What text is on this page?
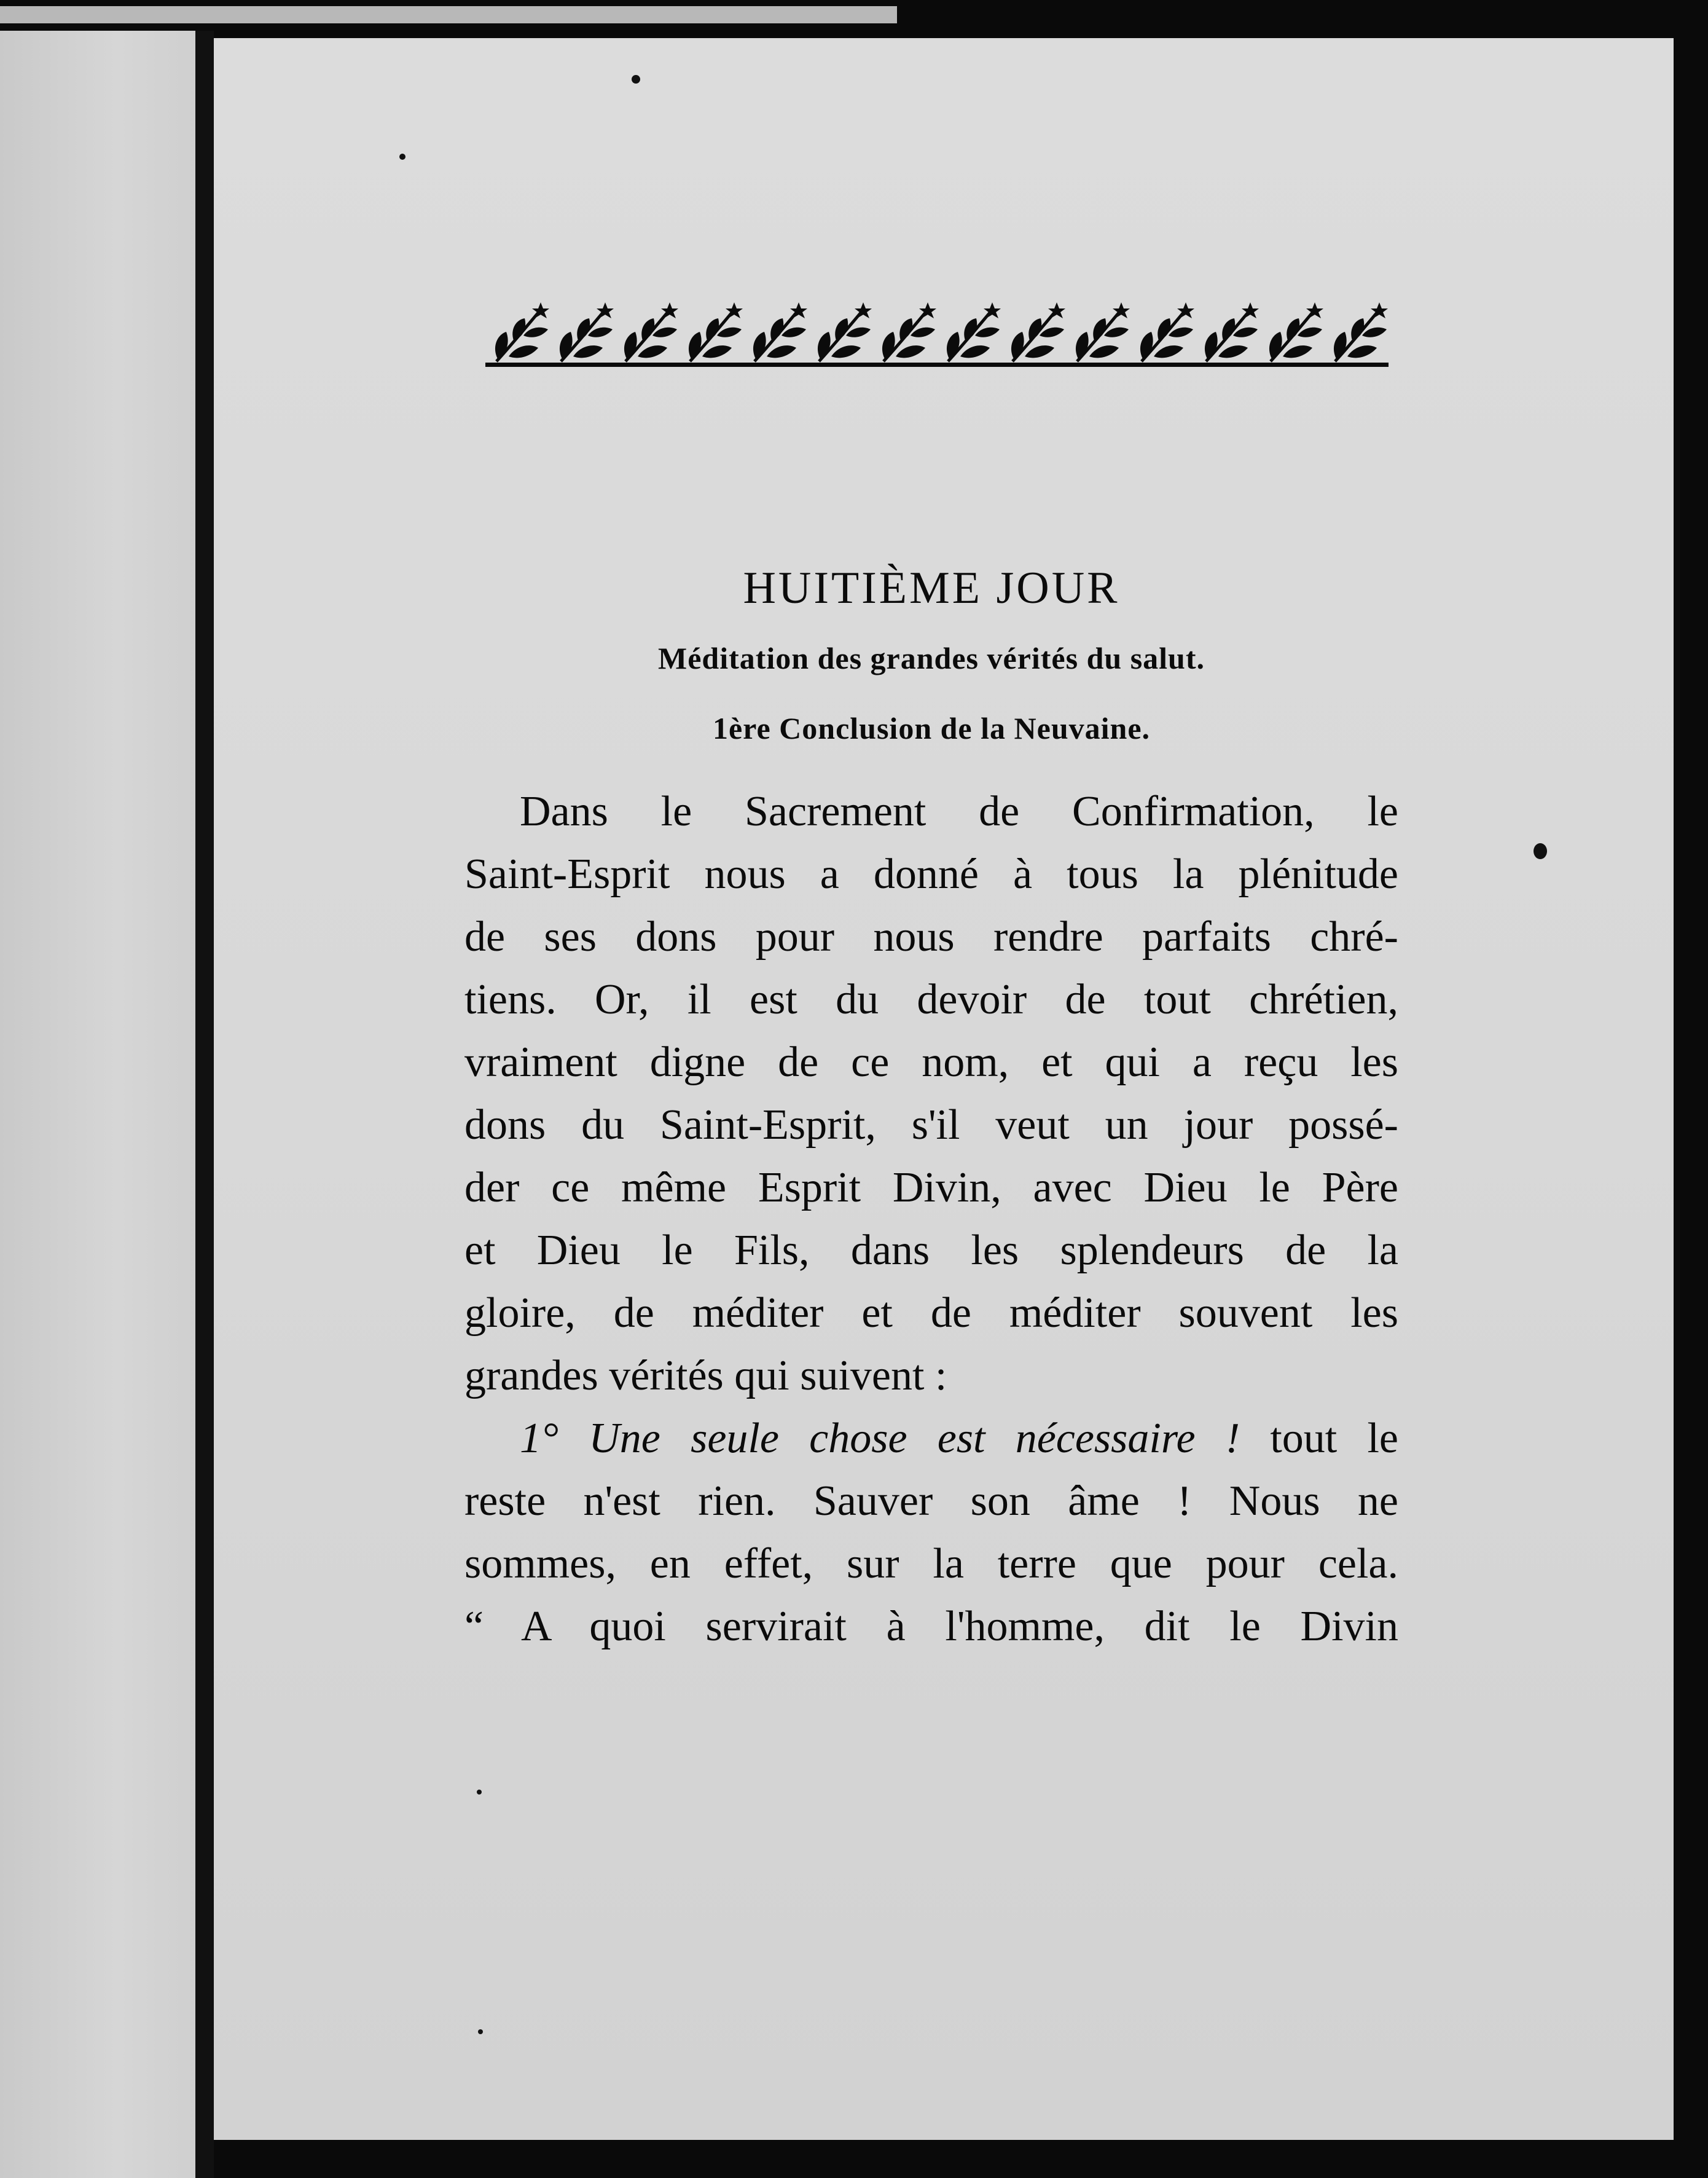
HUITIÈME JOUR

Méditation des grandes vérités du salut.

1ère Conclusion de la Neuvaine.

Dans le Sacrement de Confirmation, le
Saint-Esprit nous a donné à tous la plénitude
de ses dons pour nous rendre parfaits chré-
tiens. Or, il est du devoir de tout chrétien,
vraiment digne de ce nom, et qui a reçu les
dons du Saint-Esprit, s'il veut un jour possé-
der ce même Esprit Divin, avec Dieu le Père
et Dieu le Fils, dans les splendeurs de la
gloire, de méditer et de méditer souvent les
grandes vérités qui suivent :
1° Une seule chose est nécessaire ! tout le
reste n'est rien. Sauver son âme ! Nous ne
sommes, en effet, sur la terre que pour cela.
“ A quoi servirait à l'homme, dit le Divin
